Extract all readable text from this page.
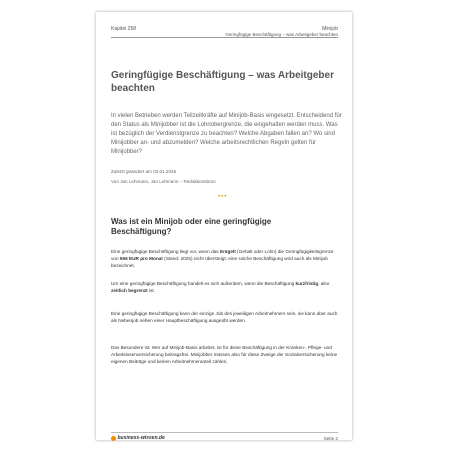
Kapitel 258	Minijob
Geringfügige Beschäftigung – was Arbeitgeber beachten
Geringfügige Beschäftigung – was Arbeitgeber beachten

In vielen Betrieben werden Teilzeitkräfte auf Minijob-Basis eingesetzt. Entscheidend für den Status als Minijobber ist die Lohnobergrenze, die eingehalten werden muss. Was ist bezüglich der Verdienstgrenze zu beachten? Welche Abgaben fallen an? Wo sind Minijobber an- und abzumelden? Welche arbeitsrechtlichen Regeln gelten für Minijobber?

Zuletzt geändert am 03.01.2025
Von Jan Lehmann, Jan Lehmann – Redaktionsbüro
•••
Was ist ein Minijob oder eine geringfügige Beschäftigung?

Eine geringfügige Beschäftigung liegt vor, wenn das Entgelt (Gehalt oder Lohn) die Geringfügigkeitsgrenze von 556 EUR pro Monat (Stand: 2025) nicht übersteigt; eine solche Beschäftigung wird auch als Minijob bezeichnet.

Um eine geringfügige Beschäftigung handelt es sich außerdem, wenn die Beschäftigung kurzfristig, also zeitlich begrenzt ist.

Eine geringfügige Beschäftigung kann der einzige Job des jeweiligen Arbeitnehmers sein, sie kann aber auch als Nebenjob neben einer Hauptbeschäftigung ausgeübt werden.

Das Besondere ist: Wer auf Minijob-Basis arbeitet, ist für diese Beschäftigung in der Kranken-, Pflege- und Arbeitslosenversicherung beitragsfrei. Minijobber müssen also für diese Zweige der Sozialversicherung keine eigenen Beiträge und keinen Arbeitnehmeranteil zahlen.

business-wissen.de	Seite 2
